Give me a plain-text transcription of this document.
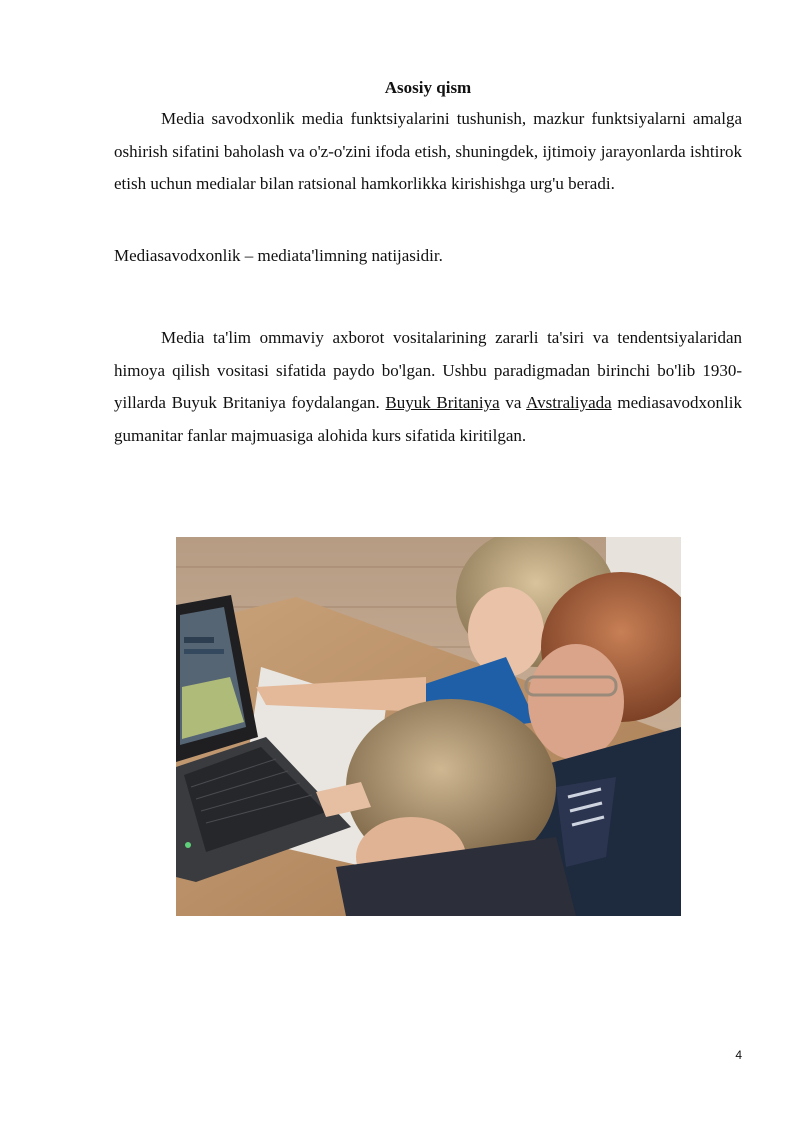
Asosiy qism

Media savodxonlik media funktsiyalarini tushunish, mazkur funktsiyalarni amalga oshirish sifatini baholash va o'z-o'zini ifoda etish, shuningdek, ijtimoiy jarayonlarda ishtirok etish uchun medialar bilan ratsional hamkorlikka kirishishga urg'u beradi.

Mediasavodxonlik – mediata'limning natijasidir.

Media ta'lim ommaviy axborot vositalarining zararli ta'siri va tendentsiyalaridan himoya qilish vositasi sifatida paydo bo'lgan. Ushbu paradigmadan birinchi bo'lib 1930-yillarda Buyuk Britaniya foydalangan. Buyuk Britaniya va Avstraliyada mediasavodxonlik gumanitar fanlar majmuasiga alohida kurs sifatida kiritilgan.

4
